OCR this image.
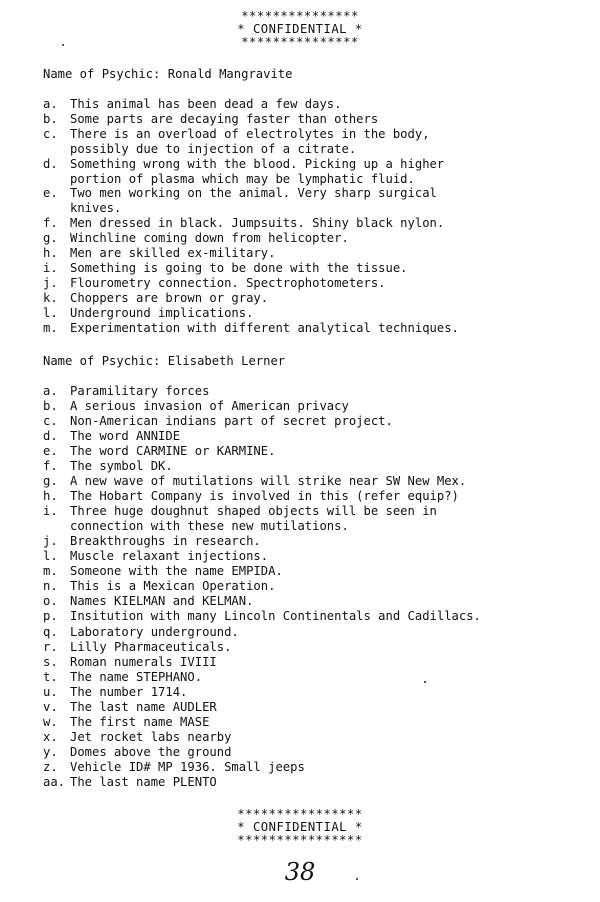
***************
* CONFIDENTIAL *
***************
Name of Psychic: Ronald Mangravite
a.	This animal has been dead a few days.
b.	Some parts are decaying faster than others
c.	There is an overload of electrolytes in the body,
possibly due to injection of a citrate.
d.	Something wrong with the blood. Picking up a higher
portion of plasma which may be lymphatic fluid.
e.	Two men working on the animal. Very sharp surgical
knives.
f.	Men dressed in black. Jumpsuits. Shiny black nylon.
g.	Winchline coming down from helicopter.
h.	Men are skilled ex-military.
i.	Something is going to be done with the tissue.
j.	Flourometry connection. Spectrophotometers.
k.	Choppers are brown or gray.
l.	Underground implications.
m.	Experimentation with different analytical techniques.
Name of Psychic: Elisabeth Lerner
a.	Paramilitary forces
b.	A serious invasion of American privacy
c.	Non-American indians part of secret project.
d.	The word ANNIDE
e.	The word CARMINE or KARMINE.
f.	The symbol DK.
g.	A new wave of mutilations will strike near SW New Mex.
h.	The Hobart Company is involved in this (refer equip?)
i.	Three huge doughnut shaped objects will be seen in
connection with these new mutilations.
j.	Breakthroughs in research.
l.	Muscle relaxant injections.
m.	Someone with the name EMPIDA.
n.	This is a Mexican Operation.
o.	Names KIELMAN and KELMAN.
p.	Insitution with many Lincoln Continentals and Cadillacs.
q.	Laboratory underground.
r.	Lilly Pharmaceuticals.
s.	Roman numerals IVIII
t.	The name STEPHANO.
u.	The number 1714.
v.	The last name AUDLER
w.	The first name MASE
x.	Jet rocket labs nearby
y.	Domes above the ground
z.	Vehicle ID# MP 1936. Small jeeps
aa. The last name PLENTO
****************
* CONFIDENTIAL *
****************
38
